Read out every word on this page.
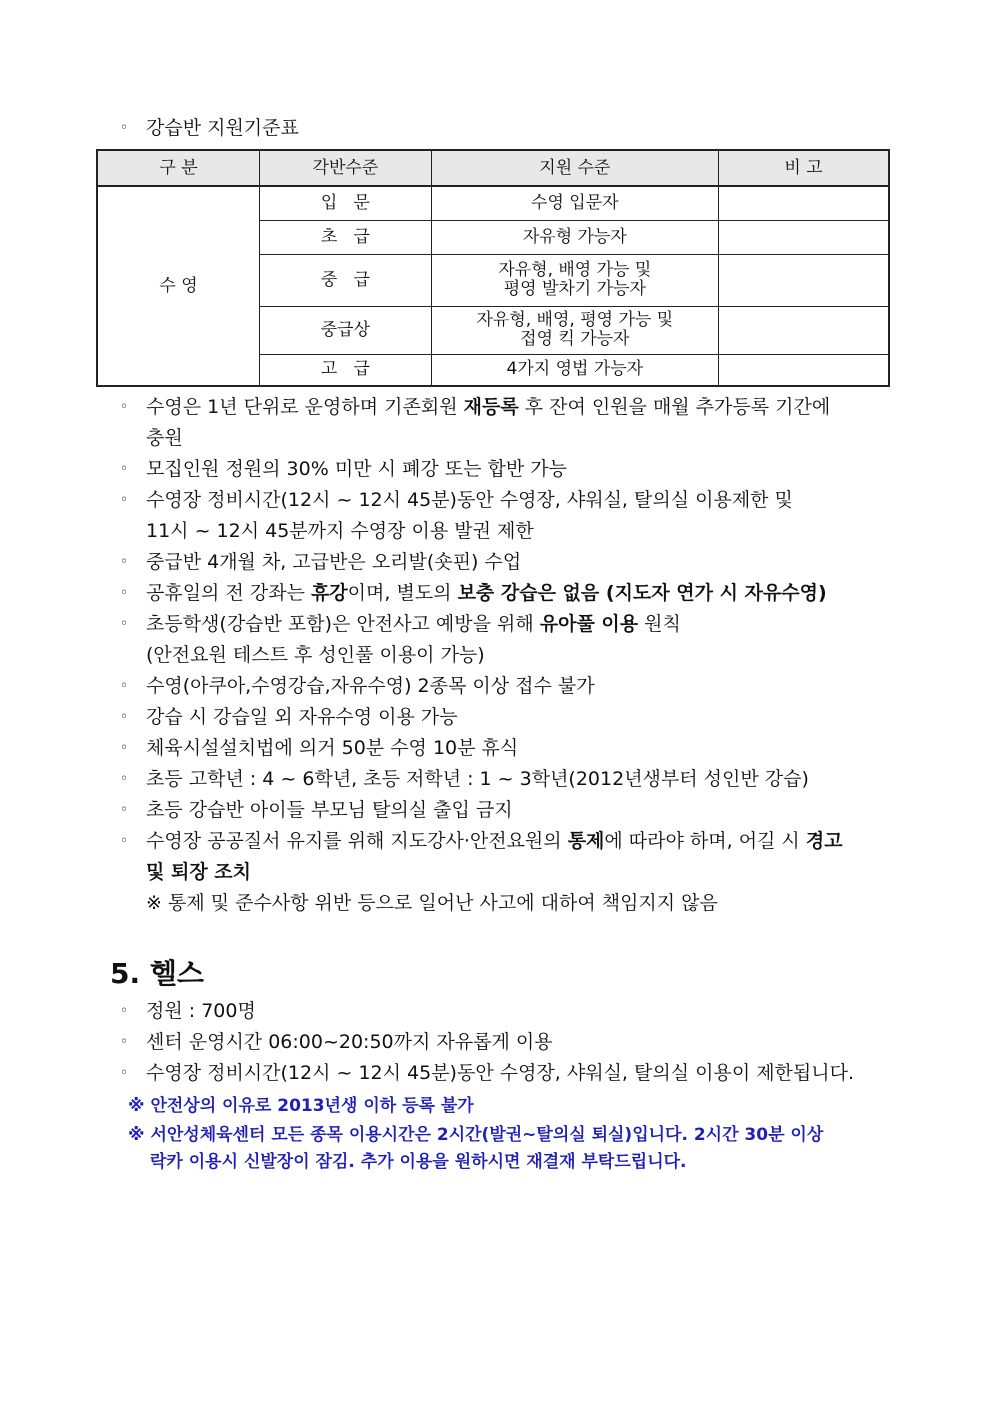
◦ 강습반 지원기준표
구 분	각반수준	지원 수준	비 고
수 영	입   문	수영 입문자	
	초   급	자유형 가능자	
	중   급	자유형, 배영 가능 및
평영 발차기 가능자	
	중급상	자유형, 배영, 평영 가능 및
접영 킥 가능자	
	고   급	4가지 영법 가능자	
◦ 수영은 1년 단위로 운영하며 기존회원 재등록 후 잔여 인원을 매월 추가등록 기간에
충원
◦ 모집인원 정원의 30% 미만 시 폐강 또는 합반 가능
◦ 수영장 정비시간(12시 ~ 12시 45분)동안 수영장, 샤워실, 탈의실 이용제한 및
11시 ~ 12시 45분까지 수영장 이용 발권 제한
◦ 중급반 4개월 차, 고급반은 오리발(숏핀) 수업
◦ 공휴일의 전 강좌는 휴강이며, 별도의 보충 강습은 없음 (지도자 연가 시 자유수영)
◦ 초등학생(강습반 포함)은 안전사고 예방을 위해 유아풀 이용 원칙
(안전요원 테스트 후 성인풀 이용이 가능)
◦ 수영(아쿠아,수영강습,자유수영) 2종목 이상 접수 불가
◦ 강습 시 강습일 외 자유수영 이용 가능
◦ 체육시설설치법에 의거 50분 수영 10분 휴식
◦ 초등 고학년 : 4 ~ 6학년, 초등 저학년 : 1 ~ 3학년(2012년생부터 성인반 강습)
◦ 초등 강습반 아이들 부모님 탈의실 출입 금지
◦ 수영장 공공질서 유지를 위해 지도강사·안전요원의 통제에 따라야 하며, 어길 시 경고
및 퇴장 조치
※ 통제 및 준수사항 위반 등으로 일어난 사고에 대하여 책임지지 않음
5. 헬스
◦ 정원 : 700명
◦ 센터 운영시간 06:00~20:50까지 자유롭게 이용
◦ 수영장 정비시간(12시 ~ 12시 45분)동안 수영장, 샤워실, 탈의실 이용이 제한됩니다.
※ 안전상의 이유로 2013년생 이하 등록 불가
※ 서안성체육센터 모든 종목 이용시간은 2시간(발권~탈의실 퇴실)입니다. 2시간 30분 이상
락카 이용시 신발장이 잠김. 추가 이용을 원하시면 재결재 부탁드립니다.
